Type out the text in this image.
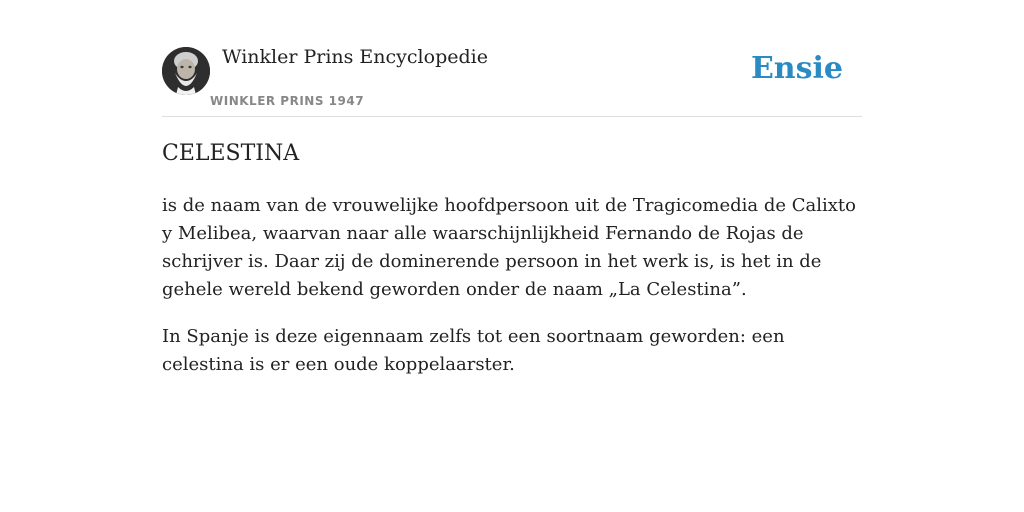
Winkler Prins Encyclopedie
WINKLER PRINS 1947
Ensie
CELESTINA

is de naam van de vrouwelijke hoofdpersoon uit de Tragicomedia de Calixto y Melibea, waarvan naar alle waarschijnlijkheid Fernando de Rojas de schrijver is. Daar zij de dominerende persoon in het werk is, is het in de gehele wereld bekend geworden onder de naam „La Celestina”.

In Spanje is deze eigennaam zelfs tot een soortnaam geworden: een celestina is er een oude koppelaarster.
